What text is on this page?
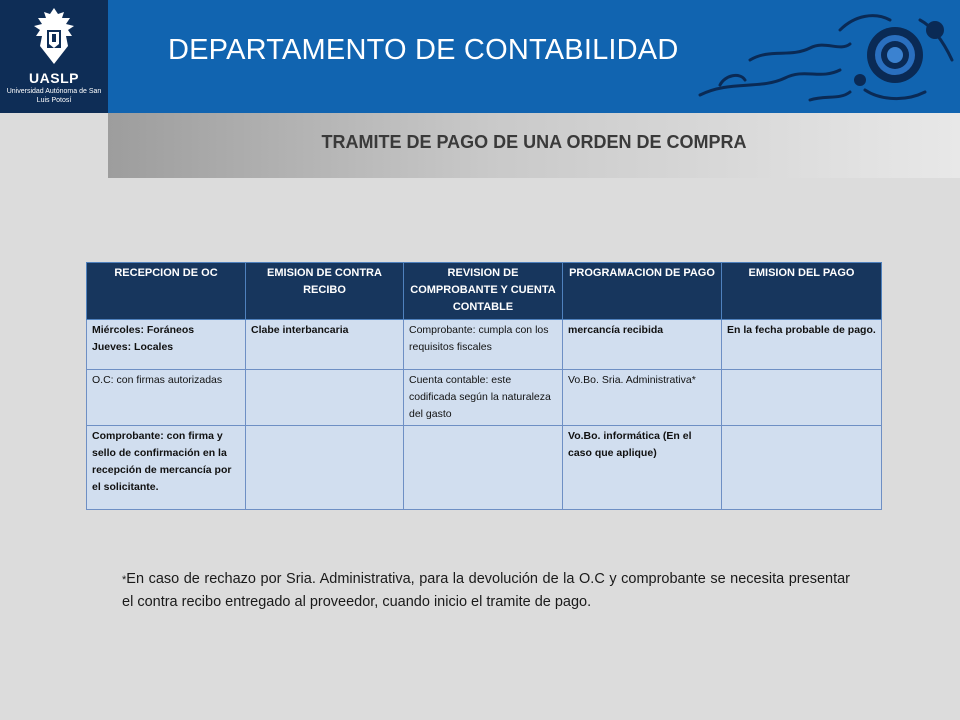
UASLP
Universidad Autónoma de San Luis Potosí
DEPARTAMENTO DE CONTABILIDAD
TRAMITE DE PAGO DE UNA ORDEN DE COMPRA
RECEPCION DE OC	EMISION DE CONTRA RECIBO	REVISION DE COMPROBANTE Y CUENTA CONTABLE	PROGRAMACION DE PAGO	EMISION DEL PAGO
Miércoles: Foráneos
Jueves: Locales	Clabe interbancaria	Comprobante: cumpla con los requisitos fiscales	mercancía recibida	En la fecha probable de pago.
O.C: con firmas autorizadas		Cuenta contable: este codificada según la naturaleza del gasto	Vo.Bo. Sria. Administrativa*	
Comprobante: con firma y sello de confirmación en la recepción de mercancía por el solicitante.			Vo.Bo. informática (En el caso que aplique)	
*En caso de rechazo por Sria. Administrativa, para la devolución de la O.C y comprobante se necesita presentar el contra recibo entregado al proveedor, cuando inicio el tramite de pago.
